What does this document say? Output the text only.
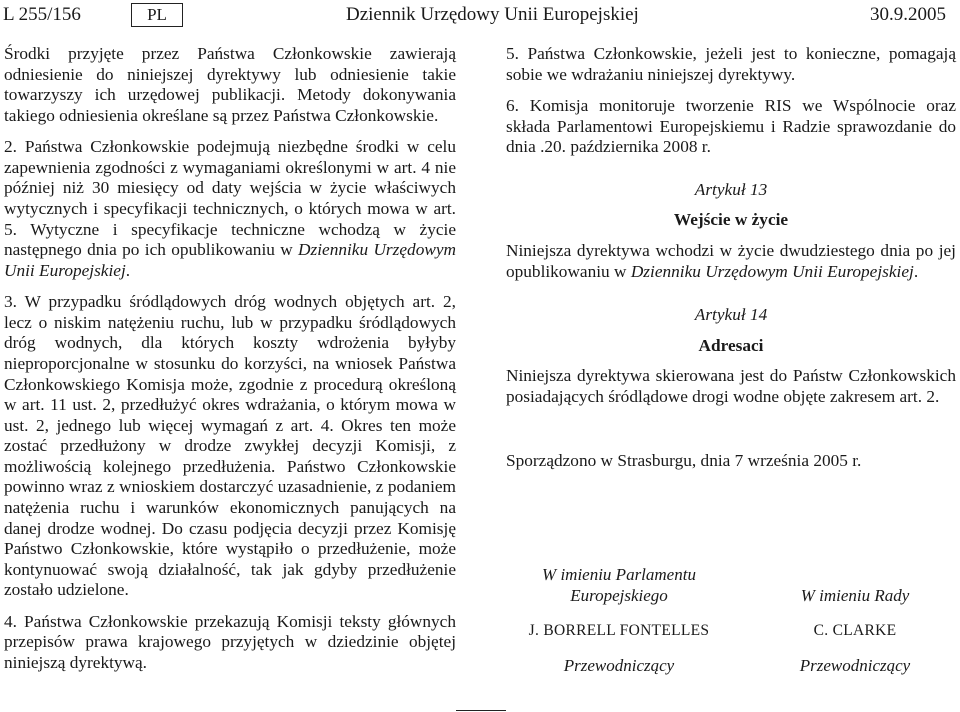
L 255/156	PL	Dziennik Urzędowy Unii Europejskiej	30.9.2005

Środki przyjęte przez Państwa Członkowskie zawierają odniesienie do niniejszej dyrektywy lub odniesienie takie towarzyszy ich urzędowej publikacji. Metody dokonywania takiego odniesienia określane są przez Państwa Członkowskie.

2. Państwa Członkowskie podejmują niezbędne środki w celu zapewnienia zgodności z wymaganiami określonymi w art. 4 nie później niż 30 miesięcy od daty wejścia w życie właściwych wytycznych i specyfikacji technicznych, o których mowa w art. 5. Wytyczne i specyfikacje techniczne wchodzą w życie następnego dnia po ich opublikowaniu w Dzienniku Urzędowym Unii Europejskiej.

3. W przypadku śródlądowych dróg wodnych objętych art. 2, lecz o niskim natężeniu ruchu, lub w przypadku śródlądowych dróg wodnych, dla których koszty wdrożenia byłyby nieproporcjonalne w stosunku do korzyści, na wniosek Państwa Członkowskiego Komisja może, zgodnie z procedurą określoną w art. 11 ust. 2, przedłużyć okres wdrażania, o którym mowa w ust. 2, jednego lub więcej wymagań z art. 4. Okres ten może zostać przedłużony w drodze zwykłej decyzji Komisji, z możliwością kolejnego przedłużenia. Państwo Członkowskie powinno wraz z wnioskiem dostarczyć uzasadnienie, z podaniem natężenia ruchu i warunków ekonomicznych panujących na danej drodze wodnej. Do czasu podjęcia decyzji przez Komisję Państwo Członkowskie, które wystąpiło o przedłużenie, może kontynuować swoją działalność, tak jak gdyby przedłużenie zostało udzielone.

4. Państwa Członkowskie przekazują Komisji teksty głównych przepisów prawa krajowego przyjętych w dziedzinie objętej niniejszą dyrektywą.

5. Państwa Członkowskie, jeżeli jest to konieczne, pomagają sobie we wdrażaniu niniejszej dyrektywy.

6. Komisja monitoruje tworzenie RIS we Wspólnocie oraz składa Parlamentowi Europejskiemu i Radzie sprawozdanie do dnia .20. października 2008 r.

Artykuł 13

Wejście w życie

Niniejsza dyrektywa wchodzi w życie dwudziestego dnia po jej opublikowaniu w Dzienniku Urzędowym Unii Europejskiej.

Artykuł 14

Adresaci

Niniejsza dyrektywa skierowana jest do Państw Członkowskich posiadających śródlądowe drogi wodne objęte zakresem art. 2.

Sporządzono w Strasburgu, dnia 7 września 2005 r.

W imieniu Parlamentu Europejskiego
J. BORRELL FONTELLES
Przewodniczący
W imieniu Rady
C. CLARKE
Przewodniczący
